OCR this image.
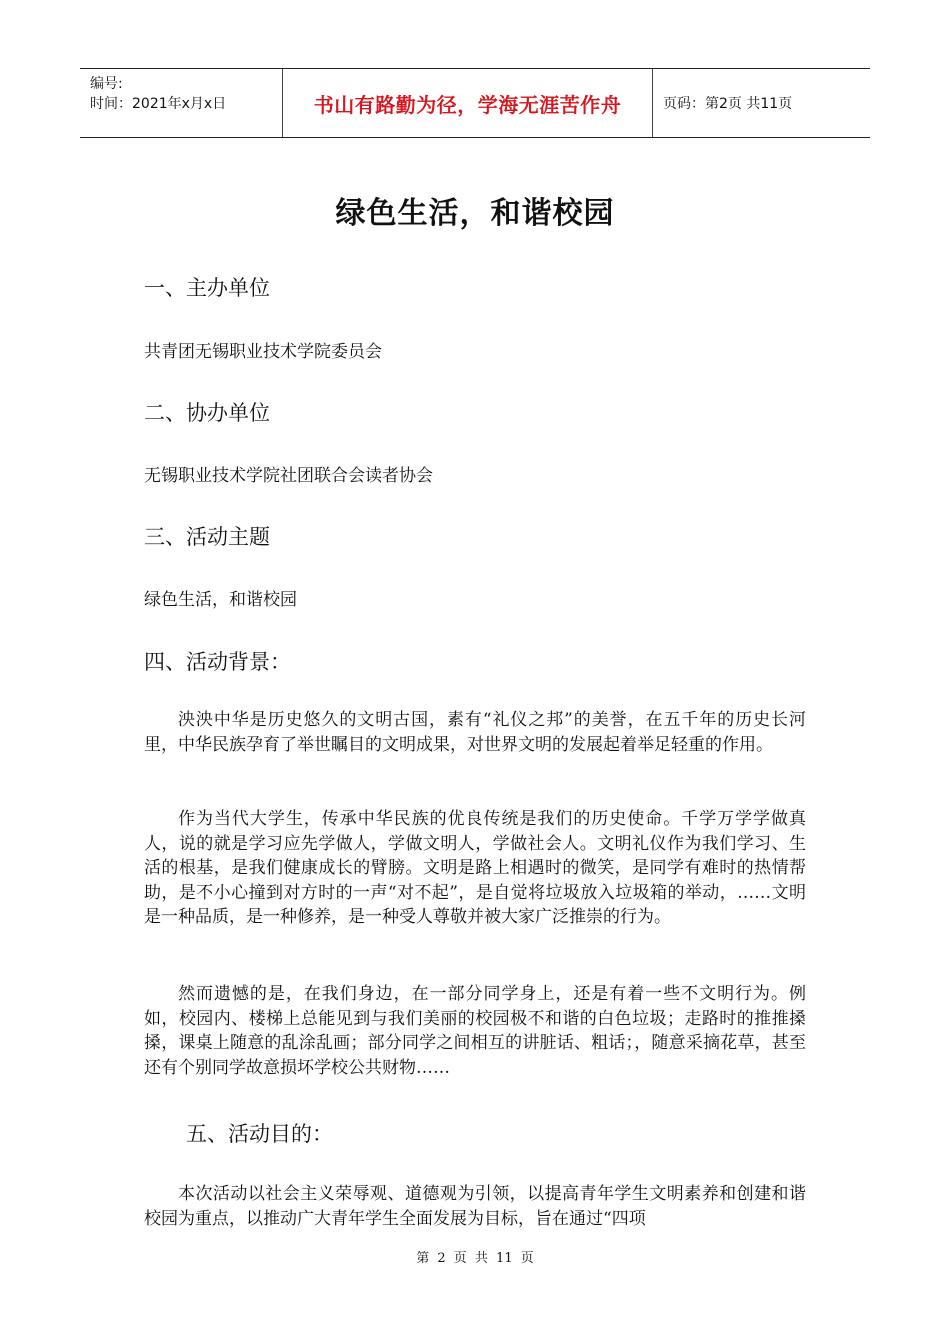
编号:
时间：2021年x月x日	书山有路勤为径，学海无涯苦作舟	页码：第2页 共11页
绿色生活，和谐校园
一、主办单位
共青团无锡职业技术学院委员会
二、协办单位
无锡职业技术学院社团联合会读者协会
三、活动主题
绿色生活，和谐校园
四、活动背景：

泱泱中华是历史悠久的文明古国，素有“礼仪之邦”的美誉，在五千年的历史长河里，中华民族孕育了举世瞩目的文明成果，对世界文明的发展起着举足轻重的作用。

作为当代大学生，传承中华民族的优良传统是我们的历史使命。千学万学学做真人，说的就是学习应先学做人，学做文明人，学做社会人。文明礼仪作为我们学习、生活的根基，是我们健康成长的臂膀。文明是路上相遇时的微笑，是同学有难时的热情帮助，是不小心撞到对方时的一声“对不起”，是自觉将垃圾放入垃圾箱的举动，……文明是一种品质，是一种修养，是一种受人尊敬并被大家广泛推崇的行为。

然而遗憾的是，在我们身边，在一部分同学身上，还是有着一些不文明行为。例如，校园内、楼梯上总能见到与我们美丽的校园极不和谐的白色垃圾；走路时的推推搡搡，课桌上随意的乱涂乱画；部分同学之间相互的讲脏话、粗话；，随意采摘花草，甚至还有个别同学故意损坏学校公共财物……

五、活动目的：

本次活动以社会主义荣辱观、道德观为引领，以提高青年学生文明素养和创建和谐校园为重点，以推动广大青年学生全面发展为目标，旨在通过“四项

第 2 页 共 11 页
